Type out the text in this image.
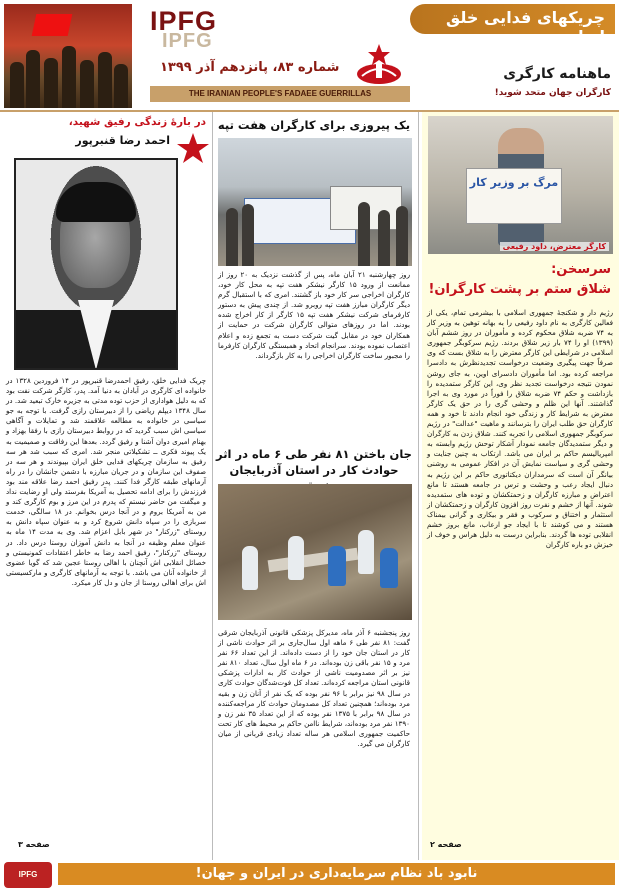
IPFG
IPFG
شماره ۸۳، پانزدهم آذر ۱۳۹۹
THE IRANIAN PEOPLE'S FADAEE GUERRILLAS
چریکهای فدایی خلق ایران
ماهنامه کارگری
کارگران جهان متحد شوید!
مرگ بر وزیر کار
کارگر معترض، داود رفیعی
سرسخن:
شلاق ستم بر پشت کارگران!

رژیم دار و شکنجۀ جمهوری اسلامی با بیشرمی تمام، یکی از فعالین کارگری به نام داود رفیعی را به بهانه توهین به وزیر کار به ۷۴ ضربه شلاق محکوم کرده و مأموران در روز ششم آبان (۱۳۹۹) او را ۷۴ بار زیر شلاق بردند. رژیم سرکوبگر جمهوری اسلامی در شرایطی این کارگر معترض را به شلاق بست که وی صرفاً جهت پیگیری وضعیت درخواست تجدیدنظرش به دادسرا مراجعه کرده بود. اما مأموران دادسرای اوین، به جای روشن نمودن نتیجه درخواست تجدید نظر وی، این کارگر ستمدیده را بازداشت و حکم ۷۴ ضربه شلاق را فوراً در مورد وی به اجرا گذاشتند. آنها این ظلم و وحشی گری را در حق یک کارگر معترض به شرایط کار و زندگی خود انجام دادند تا خود و همه کارگران حق طلب ایران را بترسانند و ماهیت "عدالت" در رژیم سرکوبگر جمهوری اسلامی را تجربه کنند. شلاق زدن به کارگران و دیگر ستمدیدگان جامعه نمودار آشکار توحش رژیم وابسته به امپریالیسم حاکم بر ایران می باشد. ارتکاب به چنین جنایت و وحشی گری و سیاست نمایش آن در افکار عمومی به روشنی بیانگر آن است که سرمداران دیکتاتوری حاکم بر این رژیم به دنبال ایجاد رعب و وحشت و ترس در جامعه هستند تا مانع اعتراض و مبارزه کارگران و زحمتکشان و توده های ستمدیده شوند. آنها از خشم و نفرت روز افزون کارگران و زحمتکشان از استثمار و اختناق و سرکوب و فقر و بیکاری و گرانی بیمناک هستند و می کوشند تا با ایجاد جو ارعاب، مانع بروز خشم انقلابی توده ها گردند. بنابراین درست به دلیل هراس و خوف از خیزش دو باره کارگران

صفحه ۲
یک پیروزی برای کارگران هفت تپه

روز چهارشنبه ۲۱ آبان ماه، پس از گذشت نزدیک به ۲۰ روز از ممانعت از ورود ۱۵ کارگر نیشکر هفت تپه به محل کار خود، کارگران اخراجی سر کار خود باز گشتند. امری که با استقبال گرم دیگر کارگران مبارز هفت تپه روبرو شد. از چندی پیش به دستور کارفرمای شرکت نیشکر هفت تپه ۱۵ کارگر از کار اخراج شده بودند. اما در روزهای متوالی کارگران شرکت در حمایت از همکاران خود در مقابل گیت شرکت دست به تجمع زده و اعلام اعتصاب نموده بودند. سرانجام اتحاد و همبستگی کارگران کارفرما را مجبور ساخت کارگران اخراجی را به کار بازگرداند.

جان باختن ۸۱ نفر طی ۶ ماه در اثر حوادث کار در استان آذربایجان

روز پنجشنبه ۶ آذر ماه، مدیرکل پزشکی قانونی آذربایجان شرقی گفت: ۸۱ نفر طی ۶ ماهه اول سال‌جاری بر اثر حوادث ناشی از کار در استان جان خود را از دست داده‌اند. از این تعداد ۶۶ نفر مرد و ۱۵ نفر باقی زن بوده‌اند. در ۶ ماه اول سال، تعداد ۸۱۰ نفر نیز بر اثر مصدومیت ناشی از حوادث کار به ادارات پزشکی قانونی استان مراجعه کرده‌اند. تعداد کل فوت‌شدگان حوادث کاری در سال ۹۸ نیز برابر با ۹۶ نفر بوده که یک نفر از آنان زن و بقیه مرد بوده‌اند؛ همچنین تعداد کل مصدومان حوادث کار مراجعه‌کننده در سال ۹۸ برابر با ۱۳۷۵ نفر بوده که از این تعداد ۳۵ نفر زن و ۱۳۹۰ نفر مرد بوده‌اند، شرایط ناامن حاکم بر محیط های کار تحت حاکمیت جمهوری اسلامی هر ساله تعداد زیادی قربانی از میان کارگران می گیرد.

در بارۀ زندگی رفیق شهید،
احمد رضا قنبرپور

چریک فدایی خلق، رفیق احمدرضا قنبرپور در ۱۴ فروردین ۱۳۲۸ در خانواده ای کارگری در آبادان به دنیا آمد. پدر، کارگر شرکت نفت بود که به دلیل هواداری از حزب توده مدتی به جزیره خارک تبعید شد. در سال ۱۳۴۸ دیپلم ریاضی را از دبیرستان رازی گرفت. با توجه به جو سیاسی در خانواده به مطالعه علاقمند شد و تمایلات و آگاهی سیاسی اش سبب گردید که در روابط دبیرستان رازی با رفقا بهزاد و بهنام امیری دوان آشنا و رفیق گردد. بعدها این رفاقت و صمیمیت به یک پیوند فکری ــ تشکیلاتی منجر شد. امری که سبب شد هر سه رفیق به سازمان چریکهای فدایی خلق ایران بپیوندند و هر سه در صفوف این سازمان و در جریان مبارزه با دشمن جانشان را در راه آرمانهای طبقه کارگر فدا کنند. پدر رفیق احمد رضا علاقه مند بود فرزندش را برای ادامه تحصیل به آمریکا بفرستد ولی او رضایت نداد و میگفت من حاضر نیستم که پدرم در این مرز و بوم کارگری کند و من به آمریکا بروم و در آنجا درس بخوانم. در ۱۸ سالگی، خدمت سربازی را در سپاه دانش شروع کرد و به عنوان سپاه دانش به روستای "زرکنار" در شهر بابل اعزام شد. وی به مدت ۱۴ ماه به عنوان معلم وظیفه در آنجا به دانش آموزان روستا درس داد. در روستای "زرکنار"، رفیق احمد رضا به خاطر اعتقادات کمونیستی و خصائل انقلابی اش آنچنان با اهالی روستا عجین شد که گویا عضوی از خانواده آنان می باشد. با توجه به آرمانهای کارگری و مارکسیستی اش برای اهالی روستا از جان و دل کار میکرد.

صفحه ۳
IPFG	نابود باد نظام سرمایه‌داری در ایران و جهان!
